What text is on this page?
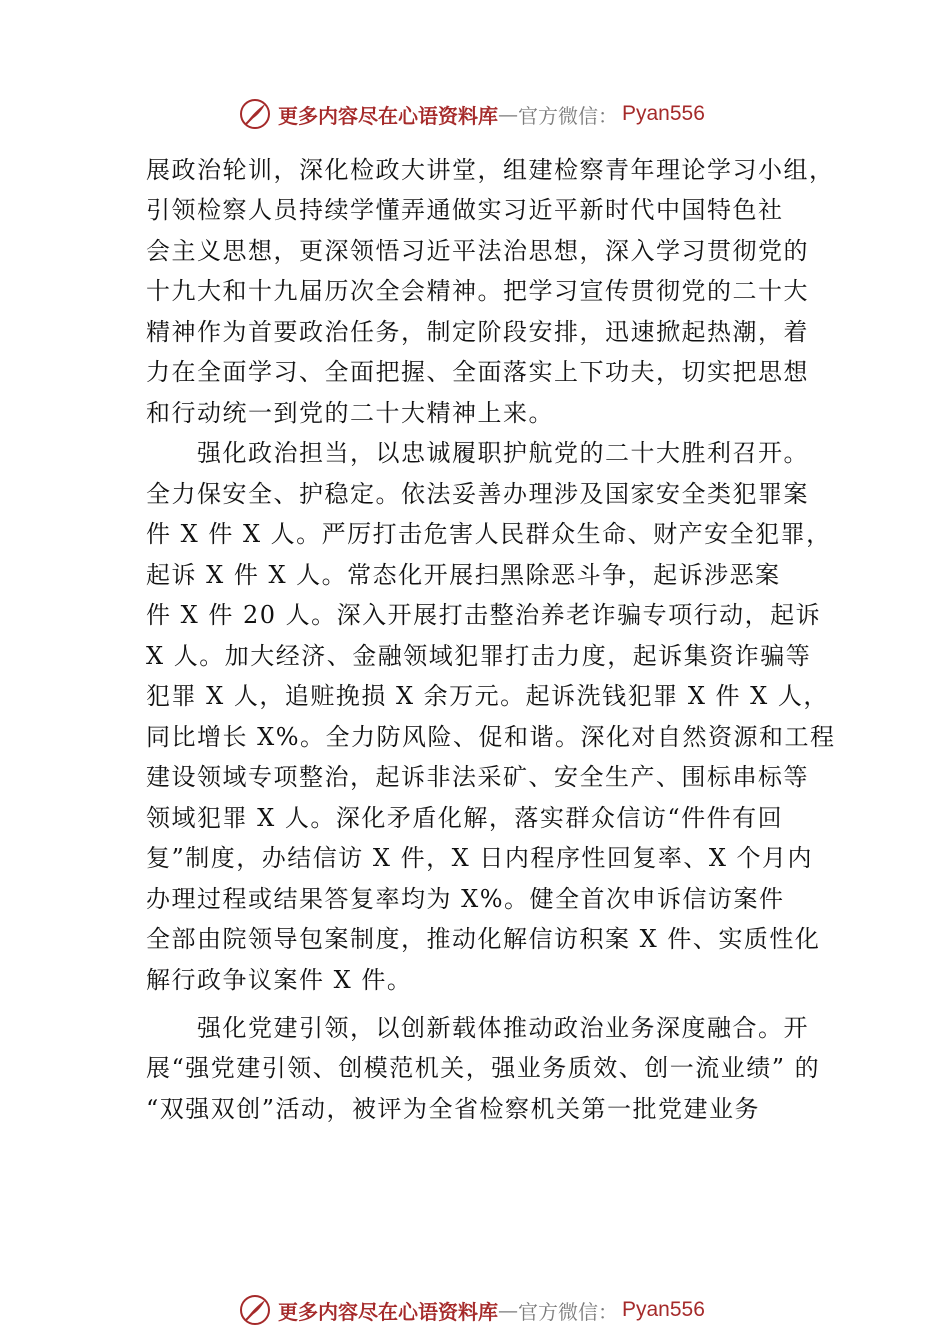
更多内容尽在心语资料库 — 官方微信： Pyan556
展政治轮训，深化检政大讲堂，组建检察青年理论学习小组，
引领检察人员持续学懂弄通做实习近平新时代中国特色社
会主义思想，更深领悟习近平法治思想，深入学习贯彻党的
十九大和十九届历次全会精神。把学习宣传贯彻党的二十大
精神作为首要政治任务，制定阶段安排，迅速掀起热潮，着
力在全面学习、全面把握、全面落实上下功夫，切实把思想
和行动统一到党的二十大精神上来。
　　强化政治担当，以忠诚履职护航党的二十大胜利召开。
全力保安全、护稳定。依法妥善办理涉及国家安全类犯罪案
件 X 件 X 人。严厉打击危害人民群众生命、财产安全犯罪，
起诉 X 件 X 人。常态化开展扫黑除恶斗争，起诉涉恶案
件 X 件 20 人。深入开展打击整治养老诈骗专项行动，起诉
X 人。加大经济、金融领域犯罪打击力度，起诉集资诈骗等
犯罪 X 人，追赃挽损 X 余万元。起诉洗钱犯罪 X 件 X 人，
同比增长 X%。全力防风险、促和谐。深化对自然资源和工程
建设领域专项整治，起诉非法采矿、安全生产、围标串标等
领域犯罪 X 人。深化矛盾化解，落实群众信访“件件有回
复”制度，办结信访 X 件，X 日内程序性回复率、X 个月内
办理过程或结果答复率均为 X%。健全首次申诉信访案件
全部由院领导包案制度，推动化解信访积案 X 件、实质性化
解行政争议案件 X 件。
　　强化党建引领，以创新载体推动政治业务深度融合。开
展“强党建引领、创模范机关，强业务质效、创一流业绩” 的
“双强双创”活动，被评为全省检察机关第一批党建业务
更多内容尽在心语资料库 — 官方微信： Pyan556
